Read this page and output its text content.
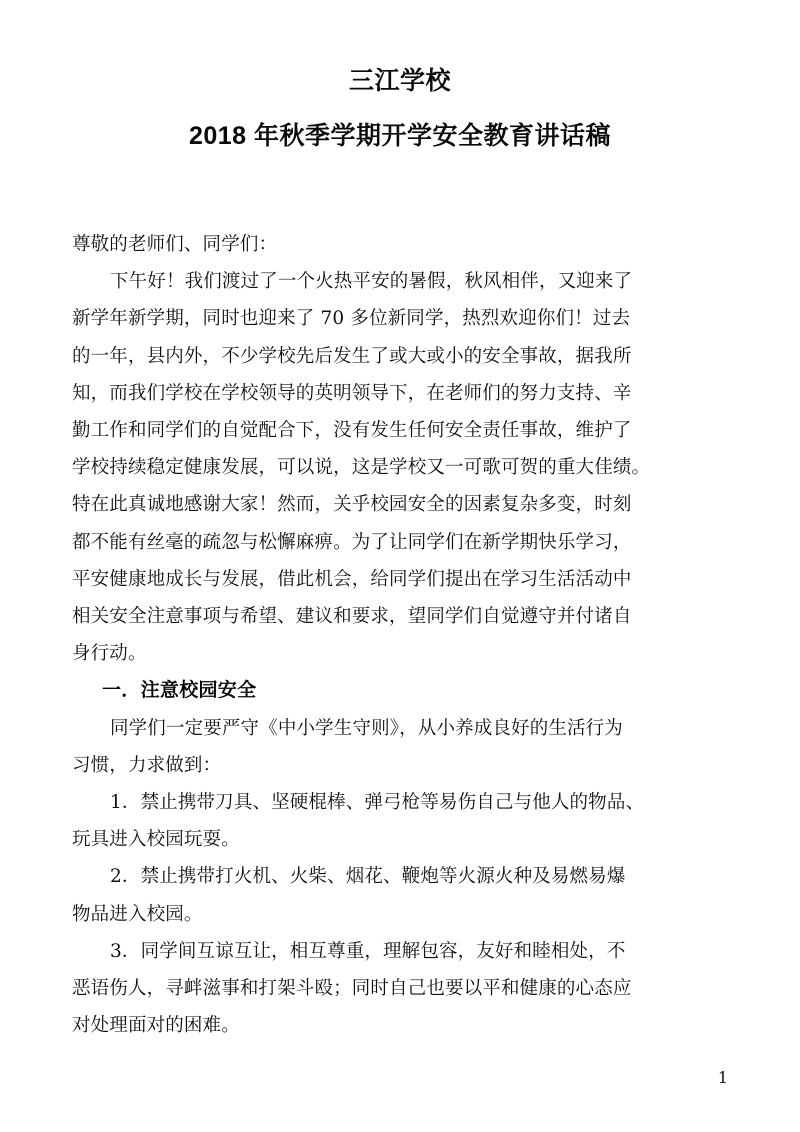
三江学校
2018 年秋季学期开学安全教育讲话稿
尊敬的老师们、同学们：
下午好！我们渡过了一个火热平安的暑假，秋风相伴，又迎来了
新学年新学期，同时也迎来了 70 多位新同学，热烈欢迎你们！过去
的一年，县内外，不少学校先后发生了或大或小的安全事故，据我所
知，而我们学校在学校领导的英明领导下，在老师们的努力支持、辛
勤工作和同学们的自觉配合下，没有发生任何安全责任事故，维护了
学校持续稳定健康发展，可以说，这是学校又一可歌可贺的重大佳绩。
特在此真诚地感谢大家！然而，关乎校园安全的因素复杂多变，时刻
都不能有丝毫的疏忽与松懈麻痹。为了让同学们在新学期快乐学习，
平安健康地成长与发展，借此机会，给同学们提出在学习生活活动中
相关安全注意事项与希望、建议和要求，望同学们自觉遵守并付诸自
身行动。
一．注意校园安全
同学们一定要严守《中小学生守则》，从小养成良好的生活行为
习惯，力求做到：
1．禁止携带刀具、坚硬棍棒、弹弓枪等易伤自己与他人的物品、
玩具进入校园玩耍。
2．禁止携带打火机、火柴、烟花、鞭炮等火源火种及易燃易爆
物品进入校园。
3．同学间互谅互让，相互尊重，理解包容，友好和睦相处，不
恶语伤人，寻衅滋事和打架斗殴；同时自己也要以平和健康的心态应
对处理面对的困难。
1
